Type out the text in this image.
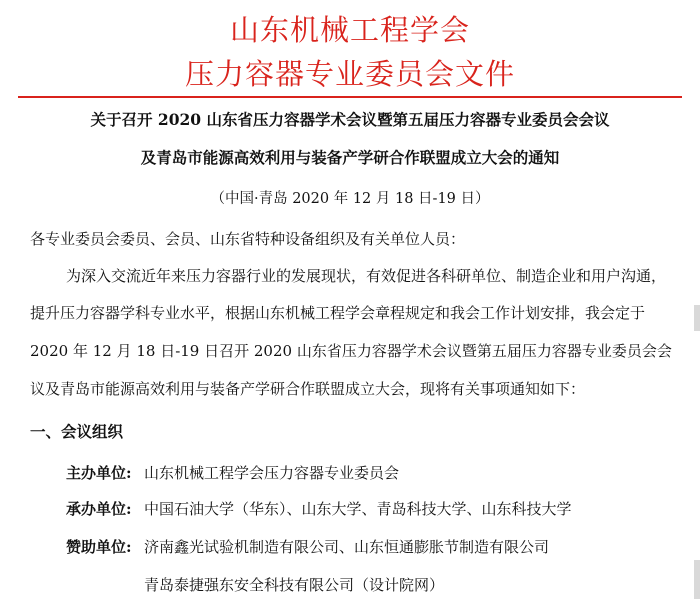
山东机械工程学会
压力容器专业委员会文件
关于召开 2020 山东省压力容器学术会议暨第五届压力容器专业委员会会议
及青岛市能源高效利用与装备产学研合作联盟成立大会的通知
（中国·青岛 2020 年 12 月 18 日-19 日）
各专业委员会委员、会员、山东省特种设备组织及有关单位人员：
为深入交流近年来压力容器行业的发展现状，有效促进各科研单位、制造企业和用户沟通，
提升压力容器学科专业水平，根据山东机械工程学会章程规定和我会工作计划安排，我会定于
2020 年 12 月 18 日-19 日召开 2020 山东省压力容器学术会议暨第五届压力容器专业委员会会
议及青岛市能源高效利用与装备产学研合作联盟成立大会，现将有关事项通知如下：
一、会议组织
主办单位: 山东机械工程学会压力容器专业委员会
承办单位: 中国石油大学（华东）、山东大学、青岛科技大学、山东科技大学
赞助单位: 济南鑫光试验机制造有限公司、山东恒通膨胀节制造有限公司
青岛泰捷强东安全科技有限公司（设计院网）
